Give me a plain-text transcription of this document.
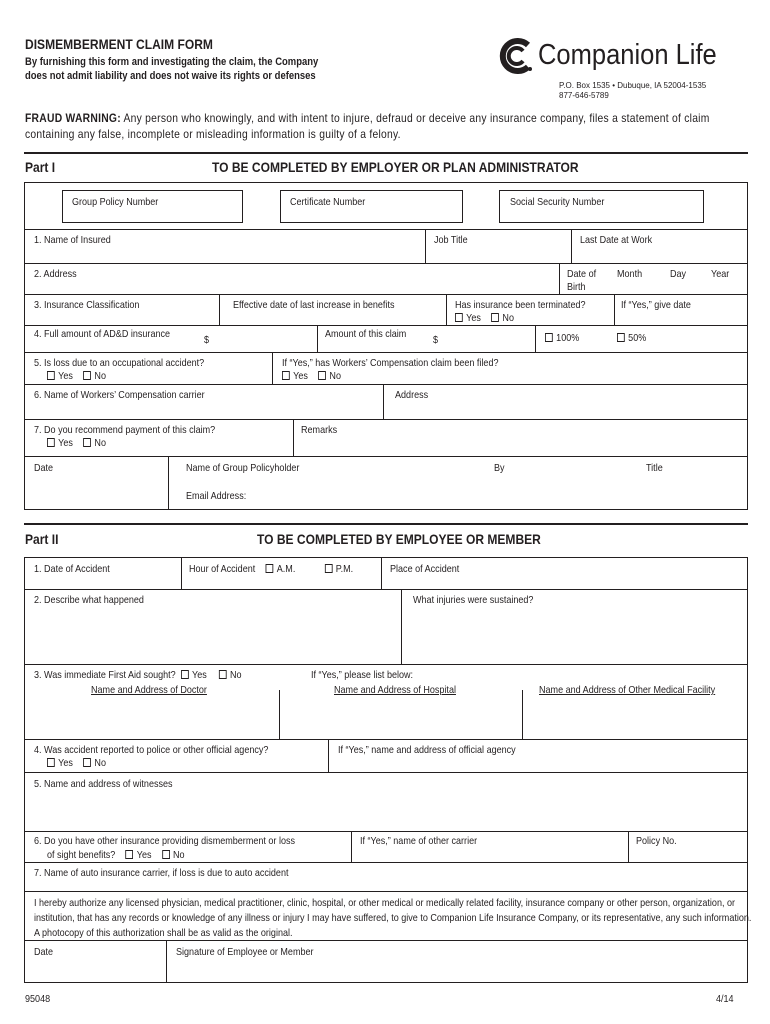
DISMEMBERMENT CLAIM FORM
By furnishing this form and investigating the claim, the Company
does not admit liability and does not waive its rights or defenses
Companion Life
P.O. Box 1535 • Dubuque, IA 52004-1535
877-646-5789
FRAUD WARNING: Any person who knowingly, and with intent to injure, defraud or deceive any insurance company, files a statement of claim containing any false, incomplete or misleading information is guilty of a felony.
Part I	TO BE COMPLETED BY EMPLOYER OR PLAN ADMINISTRATOR
Group Policy Number	Certificate Number	Social Security Number
1. Name of Insured	Job Title	Last Date at Work
2. Address	Date of
Birth
Month	Day Year
3. Insurance Classification	Effective date of last increase in benefits	Has insurance been terminated?
Yes No
If “Yes,” give date
4. Full amount of AD&D insurance	$	Amount of this claim	$	100%	50%
5. Is loss due to an occupational accident?
Yes No
If “Yes,” has Workers’ Compensation claim been filed?
Yes No
6. Name of Workers’ Compensation carrier	Address
7. Do you recommend payment of this claim?
Yes No
Remarks
Date	Name of Group Policyholder	By	Title
Email Address:
Part II	TO BE COMPLETED BY EMPLOYEE OR MEMBER
1. Date of Accident	Hour of Accident A.M.	P.M.	Place of Accident
2. Describe what happened	What injuries were sustained?
3. Was immediate First Aid sought? Yes No	If “Yes,” please list below:
Name and Address of Doctor	Name and Address of Hospital	Name and Address of Other Medical Facility
4. Was accident reported to police or other official agency?
Yes No
If “Yes,” name and address of official agency
5. Name and address of witnesses
6. Do you have other insurance providing dismemberment or loss
of sight benefits? Yes No
If “Yes,” name of other carrier	Policy No.
7. Name of auto insurance carrier, if loss is due to auto accident
I hereby authorize any licensed physician, medical practitioner, clinic, hospital, or other medical or medically related facility, insurance company or other person, organization, or institution, that has any records or knowledge of any illness or injury I may have suffered, to give to Companion Life Insurance Company, or its representative, any such information. A photocopy of this authorization shall be as valid as the original.
Date	Signature of Employee or Member
95048	4/14
